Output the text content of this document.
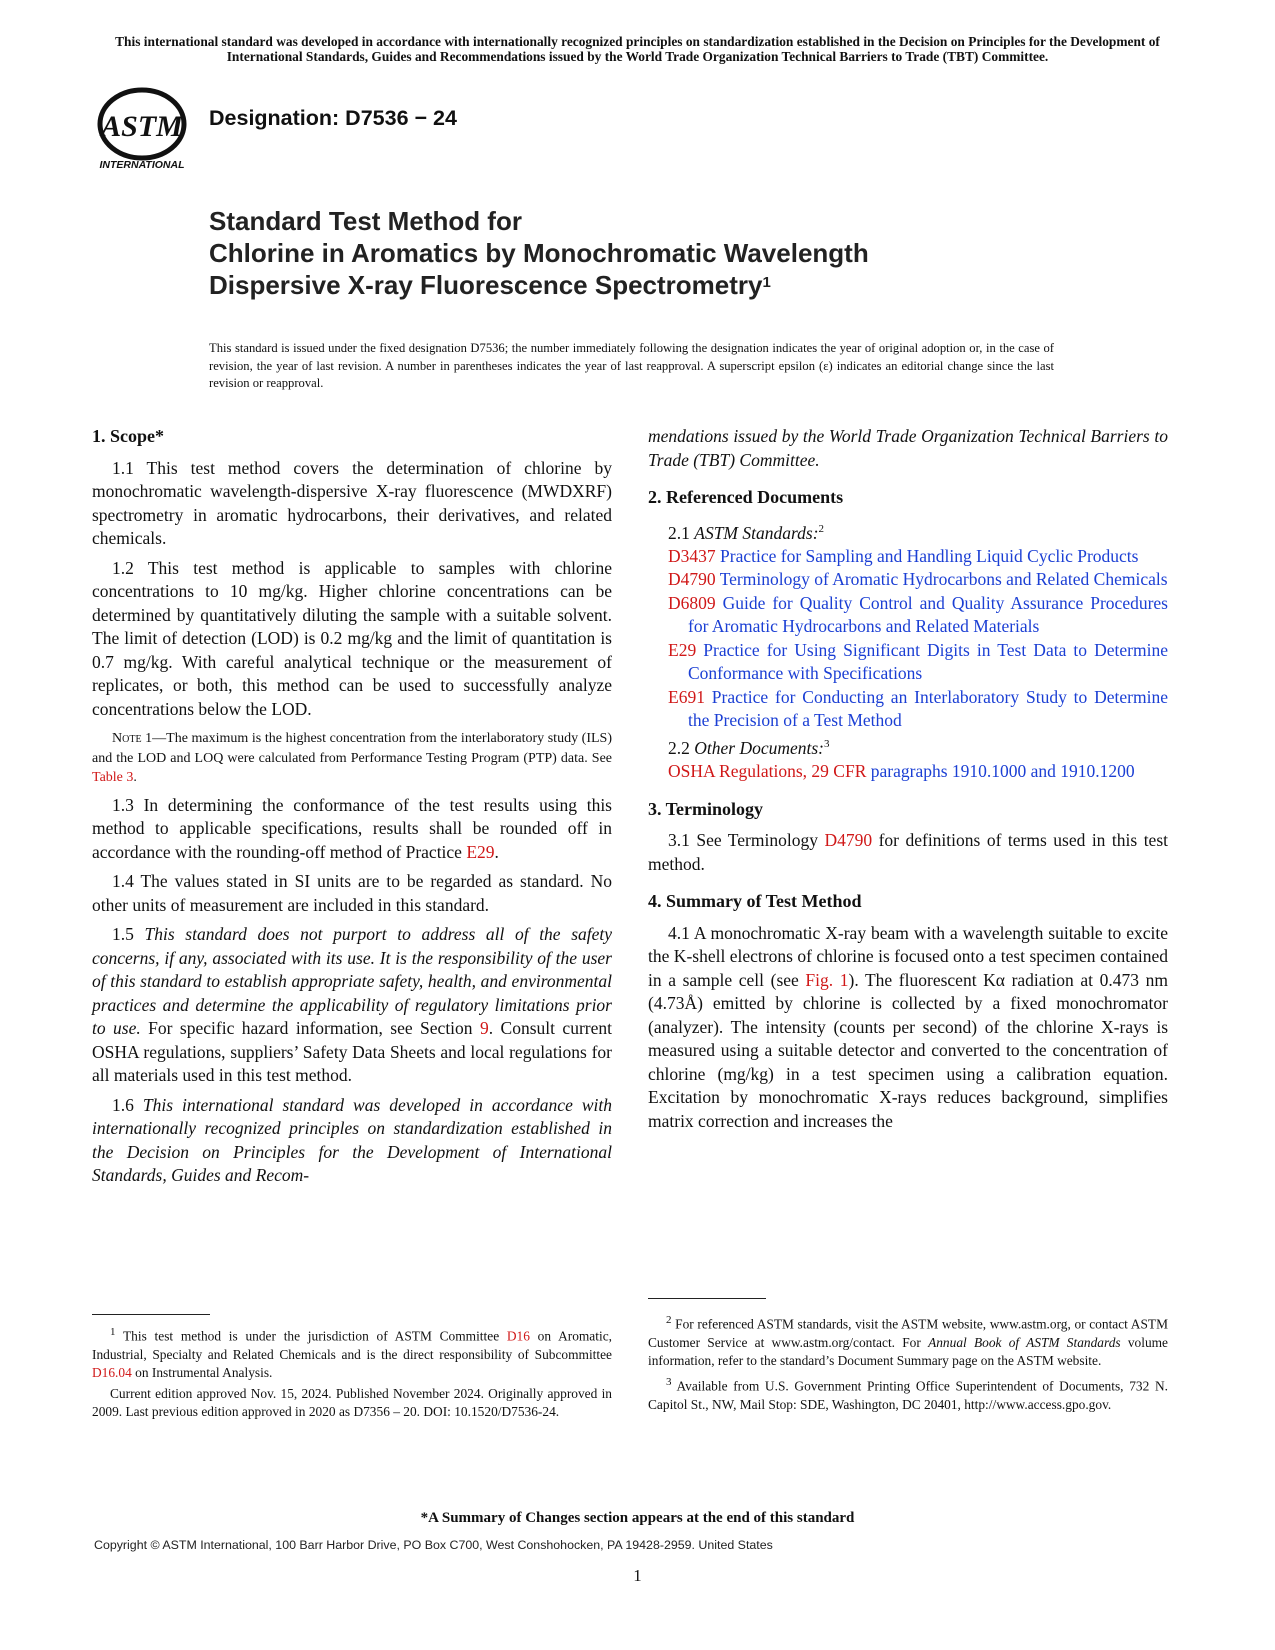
This international standard was developed in accordance with internationally recognized principles on standardization established in the Decision on Principles for the Development of International Standards, Guides and Recommendations issued by the World Trade Organization Technical Barriers to Trade (TBT) Committee.
ASTM
INTERNATIONAL
Designation: D7536 − 24
Standard Test Method for
Chlorine in Aromatics by Monochromatic Wavelength
Dispersive X-ray Fluorescence Spectrometry$^1$
This standard is issued under the fixed designation D7536; the number immediately following the designation indicates the year of original adoption or, in the case of revision, the year of last revision. A number in parentheses indicates the year of last reapproval. A superscript epsilon (ε) indicates an editorial change since the last revision or reapproval.
1. Scope*

1.1 This test method covers the determination of chlorine by monochromatic wavelength-dispersive X-ray fluorescence (MWDXRF) spectrometry in aromatic hydrocarbons, their derivatives, and related chemicals.

1.2 This test method is applicable to samples with chlorine concentrations to 10 mg/kg. Higher chlorine concentrations can be determined by quantitatively diluting the sample with a suitable solvent. The limit of detection (LOD) is 0.2 mg/kg and the limit of quantitation is 0.7 mg/kg. With careful analytical technique or the measurement of replicates, or both, this method can be used to successfully analyze concentrations below the LOD.

Note 1—The maximum is the highest concentration from the interlaboratory study (ILS) and the LOD and LOQ were calculated from Performance Testing Program (PTP) data. See Table 3.

1.3 In determining the conformance of the test results using this method to applicable specifications, results shall be rounded off in accordance with the rounding-off method of Practice E29.

1.4 The values stated in SI units are to be regarded as standard. No other units of measurement are included in this standard.

1.5 This standard does not purport to address all of the safety concerns, if any, associated with its use. It is the responsibility of the user of this standard to establish appropriate safety, health, and environmental practices and determine the applicability of regulatory limitations prior to use. For specific hazard information, see Section 9. Consult current OSHA regulations, suppliers’ Safety Data Sheets and local regulations for all materials used in this test method.

1.6 This international standard was developed in accordance with internationally recognized principles on standardization established in the Decision on Principles for the Development of International Standards, Guides and Recom-

mendations issued by the World Trade Organization Technical Barriers to Trade (TBT) Committee.

2. Referenced Documents

2.1 ASTM Standards:$^2$

D3437 Practice for Sampling and Handling Liquid Cyclic Products

D4790 Terminology of Aromatic Hydrocarbons and Related Chemicals

D6809 Guide for Quality Control and Quality Assurance Procedures for Aromatic Hydrocarbons and Related Materials

E29 Practice for Using Significant Digits in Test Data to Determine Conformance with Specifications

E691 Practice for Conducting an Interlaboratory Study to Determine the Precision of a Test Method

2.2 Other Documents:$^3$

OSHA Regulations, 29 CFR paragraphs 1910.1000 and 1910.1200

3. Terminology

3.1 See Terminology D4790 for definitions of terms used in this test method.

4. Summary of Test Method

4.1 A monochromatic X-ray beam with a wavelength suitable to excite the K-shell electrons of chlorine is focused onto a test specimen contained in a sample cell (see Fig. 1). The fluorescent Kα radiation at 0.473 nm (4.73Å) emitted by chlorine is collected by a fixed monochromator (analyzer). The intensity (counts per second) of the chlorine X-rays is measured using a suitable detector and converted to the concentration of chlorine (mg/kg) in a test specimen using a calibration equation. Excitation by monochromatic X-rays reduces background, simplifies matrix correction and increases the

$^1$ This test method is under the jurisdiction of ASTM Committee D16 on Aromatic, Industrial, Specialty and Related Chemicals and is the direct responsibility of Subcommittee D16.04 on Instrumental Analysis.
Current edition approved Nov. 15, 2024. Published November 2024. Originally approved in 2009. Last previous edition approved in 2020 as D7356 – 20. DOI: 10.1520/D7536-24.
$^2$ For referenced ASTM standards, visit the ASTM website, www.astm.org, or contact ASTM Customer Service at www.astm.org/contact. For Annual Book of ASTM Standards volume information, refer to the standard’s Document Summary page on the ASTM website.
$^3$ Available from U.S. Government Printing Office Superintendent of Documents, 732 N. Capitol St., NW, Mail Stop: SDE, Washington, DC 20401, http://www.access.gpo.gov.
*A Summary of Changes section appears at the end of this standard
Copyright © ASTM International, 100 Barr Harbor Drive, PO Box C700, West Conshohocken, PA 19428-2959. United States
1
